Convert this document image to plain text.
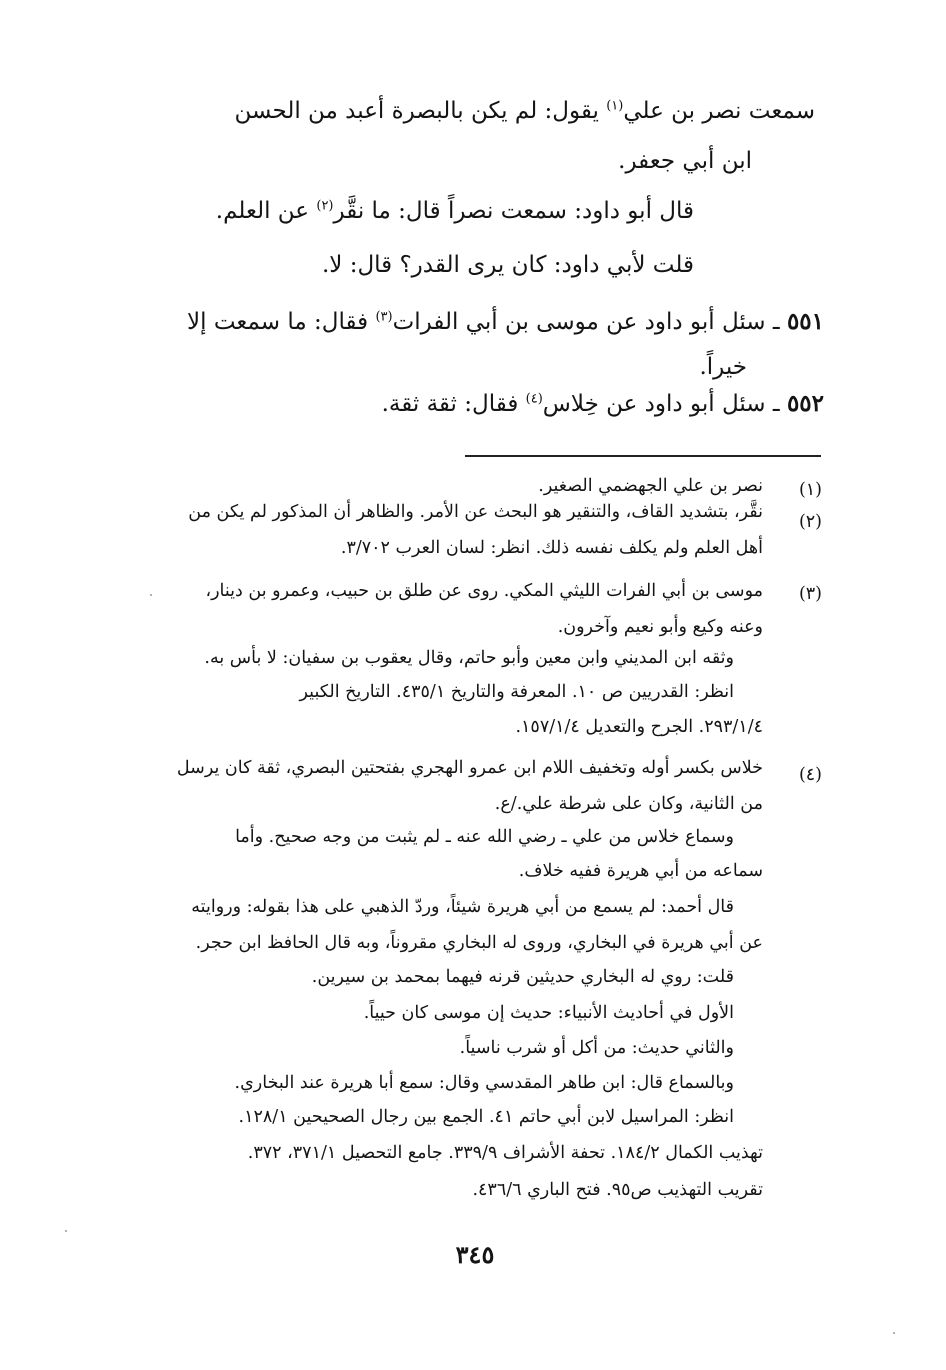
سمعت نصر بن علي$^{(١)}$ يقول: لم يكن بالبصرة أعبد من الحسن
ابن أبي جعفر.
قال أبو داود: سمعت نصراً قال: ما نقَّر$^{(٢)}$ عن العلم.
قلت لأبي داود: كان يرى القدر؟ قال: لا.
٥٥١ ـ سئل أبو داود عن موسى بن أبي الفرات$^{(٣)}$ فقال: ما سمعت إلا
خيراً.
٥٥٢ ـ سئل أبو داود عن خِلاس$^{(٤)}$ فقال: ثقة ثقة.
(١)
(٢)
(٣)
(٤)
نصر بن علي الجهضمي الصغير.
نقَّر، بتشديد القاف، والتنقير هو البحث عن الأمر. والظاهر أن المذكور لم يكن من
أهل العلم ولم يكلف نفسه ذلك. انظر: لسان العرب ٣/٧٠٢.
موسى بن أبي الفرات الليثي المكي. روى عن طلق بن حبيب، وعمرو بن دينار،
وعنه وكيع وأبو نعيم وآخرون.
وثقه ابن المديني وابن معين وأبو حاتم، وقال يعقوب بن سفيان: لا بأس به.
انظر: القدريين ص ١٠. المعرفة والتاريخ ٤٣٥/١. التاريخ الكبير
٢٩٣/١/٤. الجرح والتعديل ١٥٧/١/٤.
خلاس بكسر أوله وتخفيف اللام ابن عمرو الهجري بفتحتين البصري، ثقة كان يرسل
من الثانية، وكان على شرطة علي./ع.
وسماع خلاس من علي ـ رضي الله عنه ـ لم يثبت من وجه صحيح. وأما
سماعه من أبي هريرة ففيه خلاف.
قال أحمد: لم يسمع من أبي هريرة شيئاً، وردّ الذهبي على هذا بقوله: وروايته
عن أبي هريرة في البخاري، وروى له البخاري مقروناً، وبه قال الحافظ ابن حجر.
قلت: روي له البخاري حديثين قرنه فيهما بمحمد بن سيرين.
الأول في أحاديث الأنبياء: حديث إن موسى كان حيياً.
والثاني حديث: من أكل أو شرب ناسياً.
وبالسماع قال: ابن طاهر المقدسي وقال: سمع أبا هريرة عند البخاري.
انظر: المراسيل لابن أبي حاتم ٤١. الجمع بين رجال الصحيحين ١٢٨/١.
تهذيب الكمال ١٨٤/٢. تحفة الأشراف ٣٣٩/٩. جامع التحصيل ٣٧١/١، ٣٧٢.
تقريب التهذيب ص٩٥. فتح الباري ٤٣٦/٦.
٣٤٥
